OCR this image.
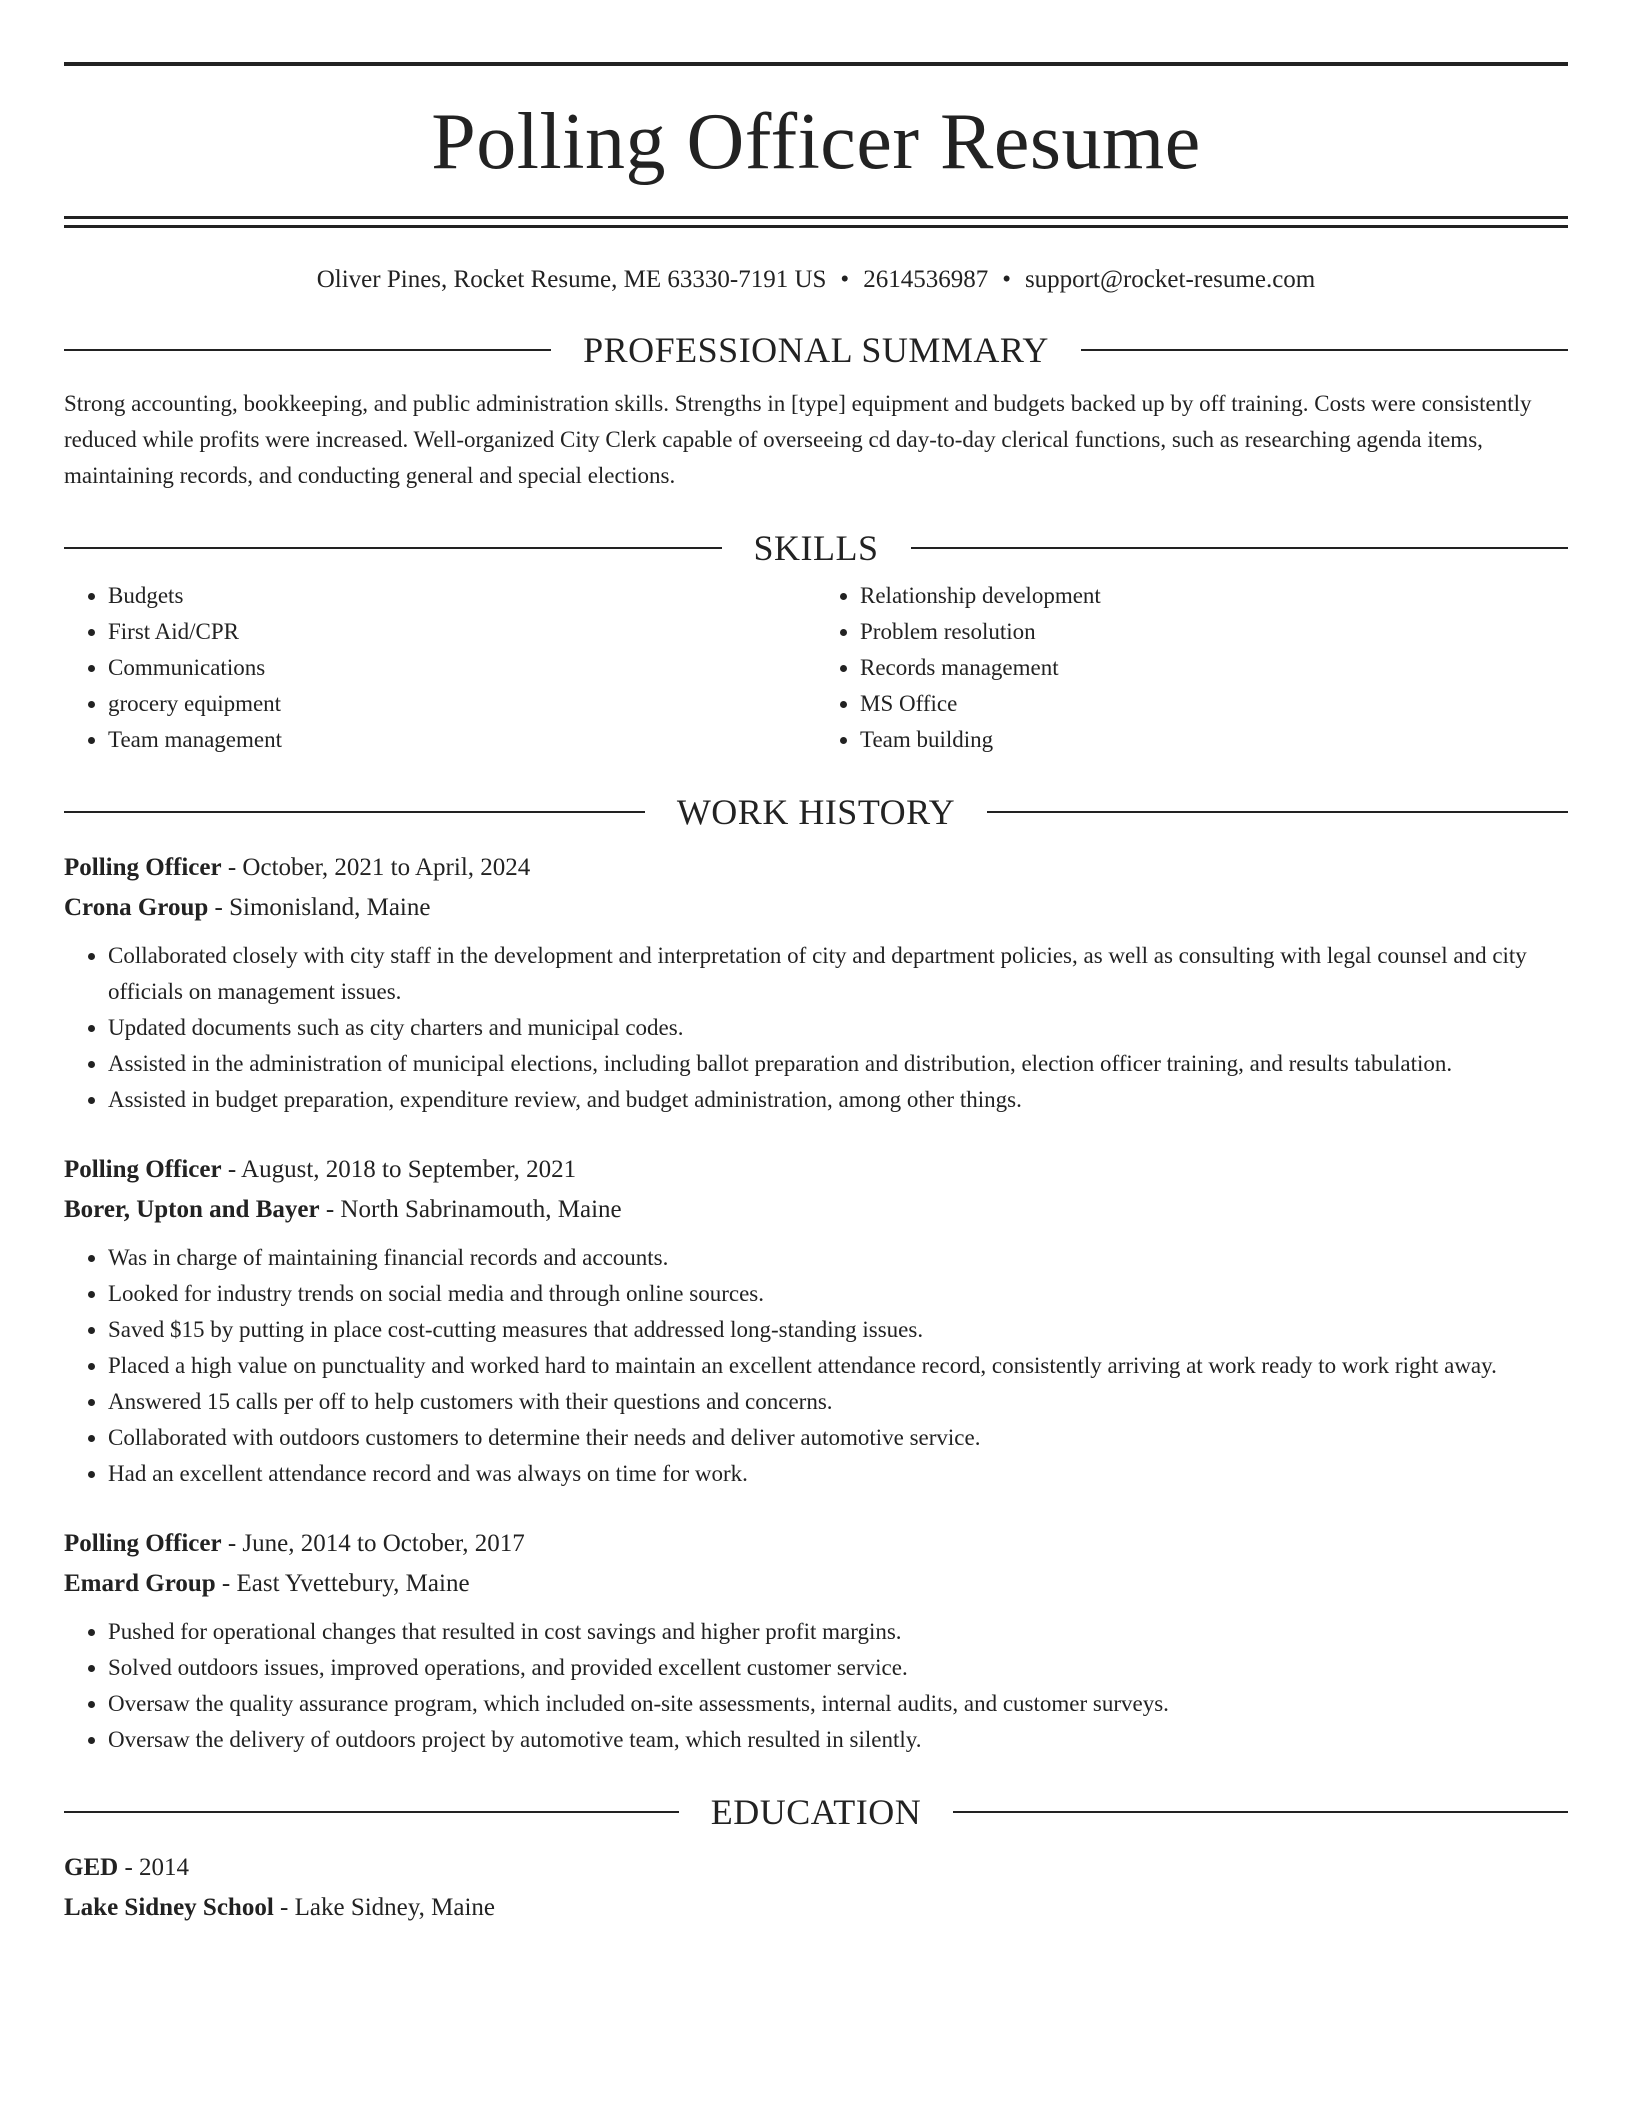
Polling Officer Resume
Oliver Pines, Rocket Resume, ME 63330-7191 US • 2614536987 • support@rocket-resume.com
PROFESSIONAL SUMMARY
Strong accounting, bookkeeping, and public administration skills. Strengths in [type] equipment and budgets backed up by off training. Costs were consistently reduced while profits were increased. Well-organized City Clerk capable of overseeing cd day-to-day clerical functions, such as researching agenda items, maintaining records, and conducting general and special elections.
SKILLS
• Budgets
• First Aid/CPR
• Communications
• grocery equipment
• Team management
• Relationship development
• Problem resolution
• Records management
• MS Office
• Team building
WORK HISTORY
Polling Officer - October, 2021 to April, 2024
Crona Group - Simonisland, Maine
• Collaborated closely with city staff in the development and interpretation of city and department policies, as well as consulting with legal counsel and city officials on management issues.
• Updated documents such as city charters and municipal codes.
• Assisted in the administration of municipal elections, including ballot preparation and distribution, election officer training, and results tabulation.
• Assisted in budget preparation, expenditure review, and budget administration, among other things.
Polling Officer - August, 2018 to September, 2021
Borer, Upton and Bayer - North Sabrinamouth, Maine
• Was in charge of maintaining financial records and accounts.
• Looked for industry trends on social media and through online sources.
• Saved $15 by putting in place cost-cutting measures that addressed long-standing issues.
• Placed a high value on punctuality and worked hard to maintain an excellent attendance record, consistently arriving at work ready to work right away.
• Answered 15 calls per off to help customers with their questions and concerns.
• Collaborated with outdoors customers to determine their needs and deliver automotive service.
• Had an excellent attendance record and was always on time for work.
Polling Officer - June, 2014 to October, 2017
Emard Group - East Yvettebury, Maine
• Pushed for operational changes that resulted in cost savings and higher profit margins.
• Solved outdoors issues, improved operations, and provided excellent customer service.
• Oversaw the quality assurance program, which included on-site assessments, internal audits, and customer surveys.
• Oversaw the delivery of outdoors project by automotive team, which resulted in silently.
EDUCATION
GED - 2014
Lake Sidney School - Lake Sidney, Maine
